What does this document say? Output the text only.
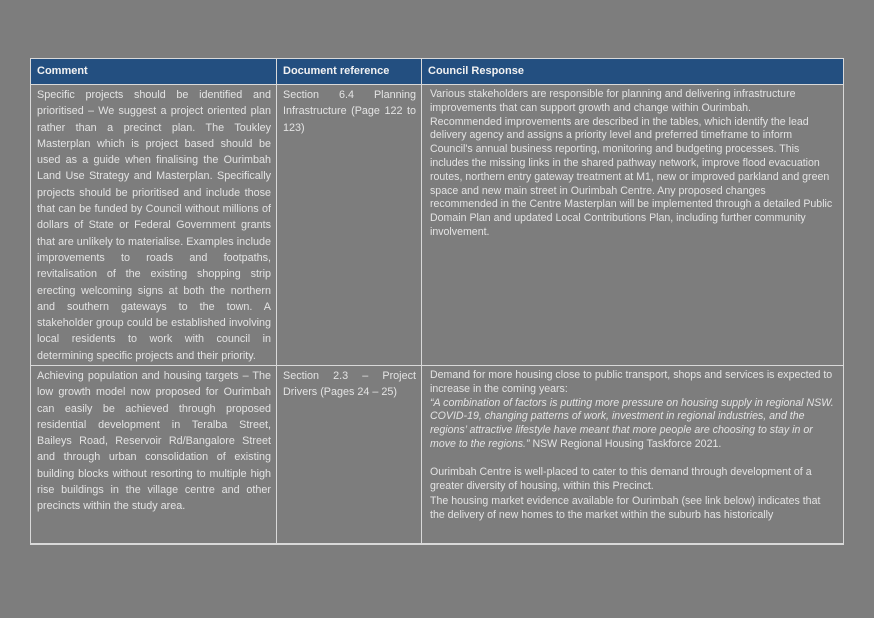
Comment	Document reference	Council Response
Specific projects should be identified and prioritised – We suggest a project oriented plan rather than a precinct plan. The Toukley Masterplan which is project based should be used as a guide when finalising the Ourimbah Land Use Strategy and Masterplan. Specifically projects should be prioritised and include those that can be funded by Council without millions of dollars of State or Federal Government grants that are unlikely to materialise. Examples include improvements to roads and footpaths, revitalisation of the existing shopping strip erecting welcoming signs at both the northern and southern gateways to the town. A stakeholder group could be established involving local residents to work with council in determining specific projects and their priority.
Section 6.4 Planning Infrastructure (Page 122 to 123)

Various stakeholders are responsible for planning and delivering infrastructure improvements that can support growth and change within Ourimbah.

Recommended improvements are described in the tables, which identify the lead delivery agency and assigns a priority level and preferred timeframe to inform Council's annual business reporting, monitoring and budgeting processes. This includes the missing links in the shared pathway network, improve flood evacuation routes, northern entry gateway treatment at M1, new or improved parkland and green space and new main street in Ourimbah Centre. Any proposed changes recommended in the Centre Masterplan will be implemented through a detailed Public Domain Plan and updated Local Contributions Plan, including further community involvement.

Achieving population and housing targets – The low growth model now proposed for Ourimbah can easily be achieved through proposed residential development in Teralba Street, Baileys Road, Reservoir Rd/Bangalore Street and through urban consolidation of existing building blocks without resorting to multiple high rise buildings in the village centre and other precincts within the study area.
Section 2.3 – Project Drivers (Pages 24 – 25)

Demand for more housing close to public transport, shops and services is expected to increase in the coming years:

“A combination of factors is putting more pressure on housing supply in regional NSW. COVID-19, changing patterns of work, investment in regional industries, and the regions’ attractive lifestyle have meant that more people are choosing to stay in or move to the regions.” NSW Regional Housing Taskforce 2021.

Ourimbah Centre is well-placed to cater to this demand through development of a greater diversity of housing, within this Precinct.

The housing market evidence available for Ourimbah (see link below) indicates that the delivery of new homes to the market within the suburb has historically
